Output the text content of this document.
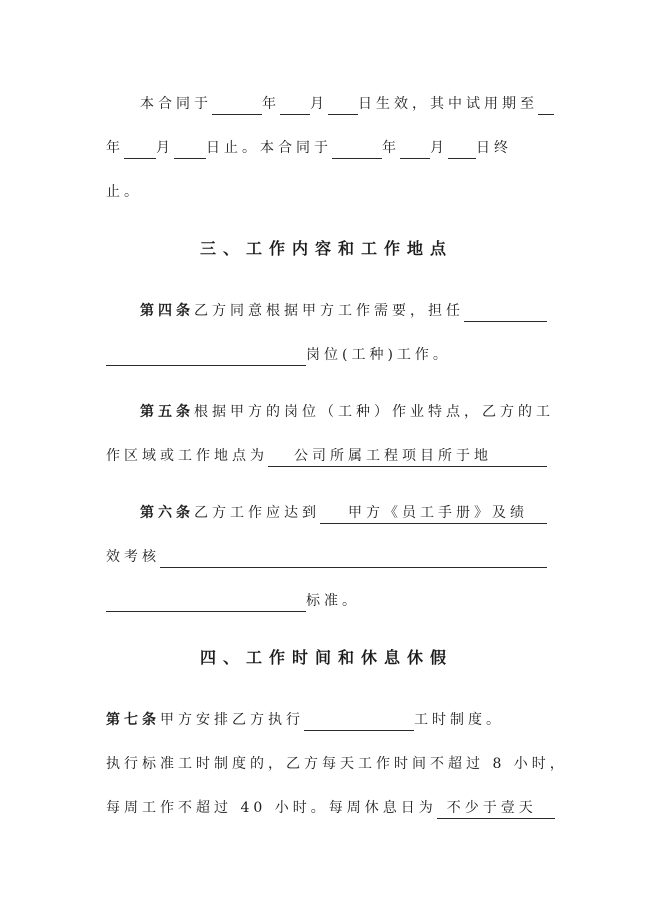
本合同于
	年
月
日生效，其中试用期至

年
月
日止。本合同于
	年
月
日终
止。
三、工作内容和工作地点
第四条 乙方同意根据甲方工作需要，担任

岗位(工种)工作。
第五条 根据甲方的岗位（工种）作业特点，乙方的工
作区域或工作地点为	公司所属工程项目所于地
第六条 乙方工作应达到	甲方《员工手册》及绩
效考核

标准。
四、工作时间和休息休假
第七条 甲方安排乙方执行
	工时制度。
执行标准工时制度的，乙方每天工作时间不超过 8 小时，
每周工作不超过 40 小时。每周休息日为 不少于壹天
